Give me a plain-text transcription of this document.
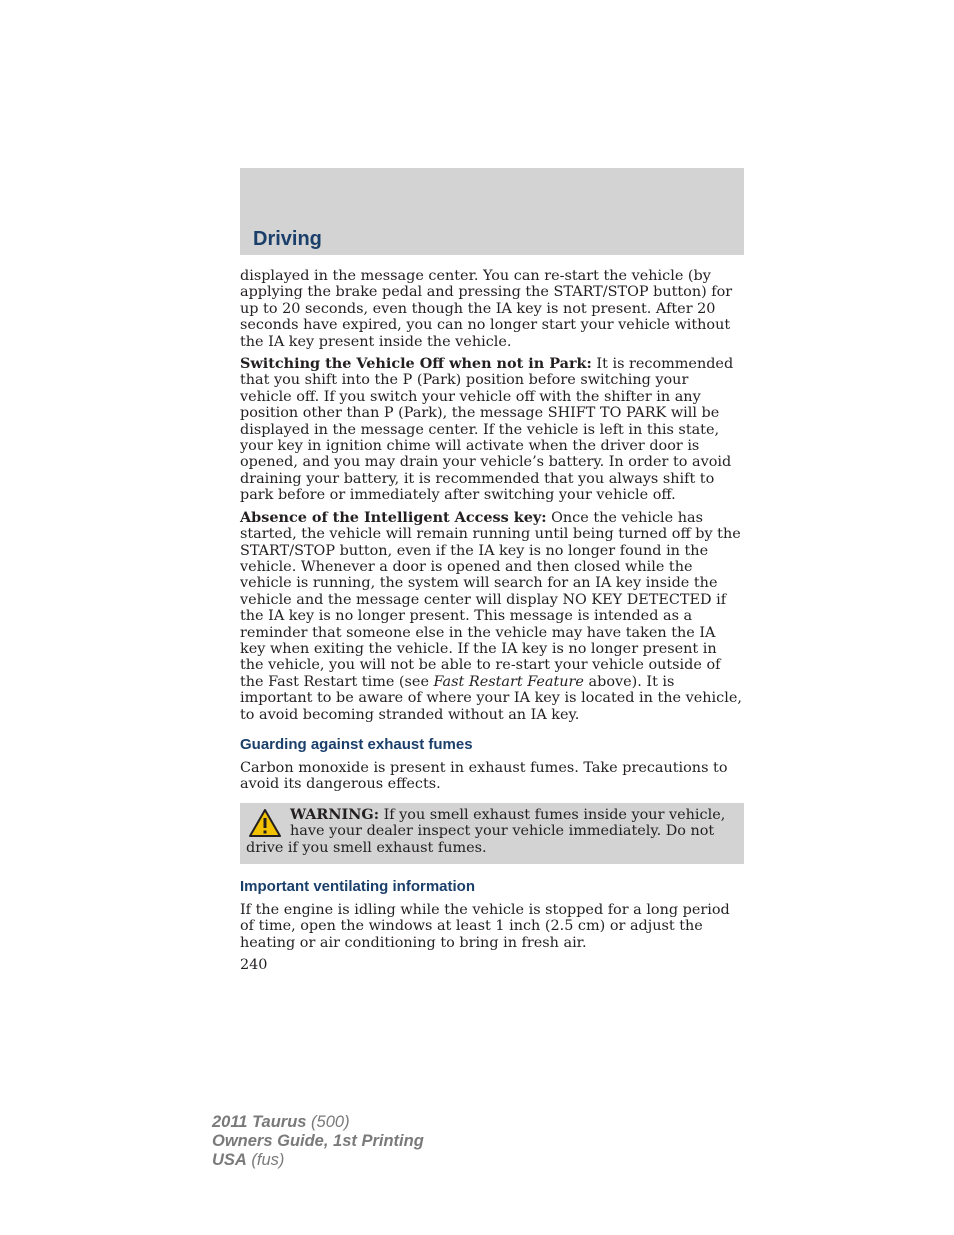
Driving

displayed in the message center. You can re-start the vehicle (by applying the brake pedal and pressing the START/STOP button) for up to 20 seconds, even though the IA key is not present. After 20 seconds have expired, you can no longer start your vehicle without the IA key present inside the vehicle.

Switching the Vehicle Off when not in Park: It is recommended that you shift into the P (Park) position before switching your vehicle off. If you switch your vehicle off with the shifter in any position other than P (Park), the message SHIFT TO PARK will be displayed in the message center. If the vehicle is left in this state, your key in ignition chime will activate when the driver door is opened, and you may drain your vehicle’s battery. In order to avoid draining your battery, it is recommended that you always shift to park before or immediately after switching your vehicle off.

Absence of the Intelligent Access key: Once the vehicle has started, the vehicle will remain running until being turned off by the START/STOP button, even if the IA key is no longer found in the vehicle. Whenever a door is opened and then closed while the vehicle is running, the system will search for an IA key inside the vehicle and the message center will display NO KEY DETECTED if the IA key is no longer present. This message is intended as a reminder that someone else in the vehicle may have taken the IA key when exiting the vehicle. If the IA key is no longer present in the vehicle, you will not be able to re-start your vehicle outside of the Fast Restart time (see Fast Restart Feature above). It is important to be aware of where your IA key is located in the vehicle, to avoid becoming stranded without an IA key.

Guarding against exhaust fumes

Carbon monoxide is present in exhaust fumes. Take precautions to avoid its dangerous effects.

WARNING: If you smell exhaust fumes inside your vehicle, have your dealer inspect your vehicle immediately. Do not drive if you smell exhaust fumes.

Important ventilating information

If the engine is idling while the vehicle is stopped for a long period of time, open the windows at least 1 inch (2.5 cm) or adjust the heating or air conditioning to bring in fresh air.

240

2011 Taurus (500)
Owners Guide, 1st Printing
USA (fus)
